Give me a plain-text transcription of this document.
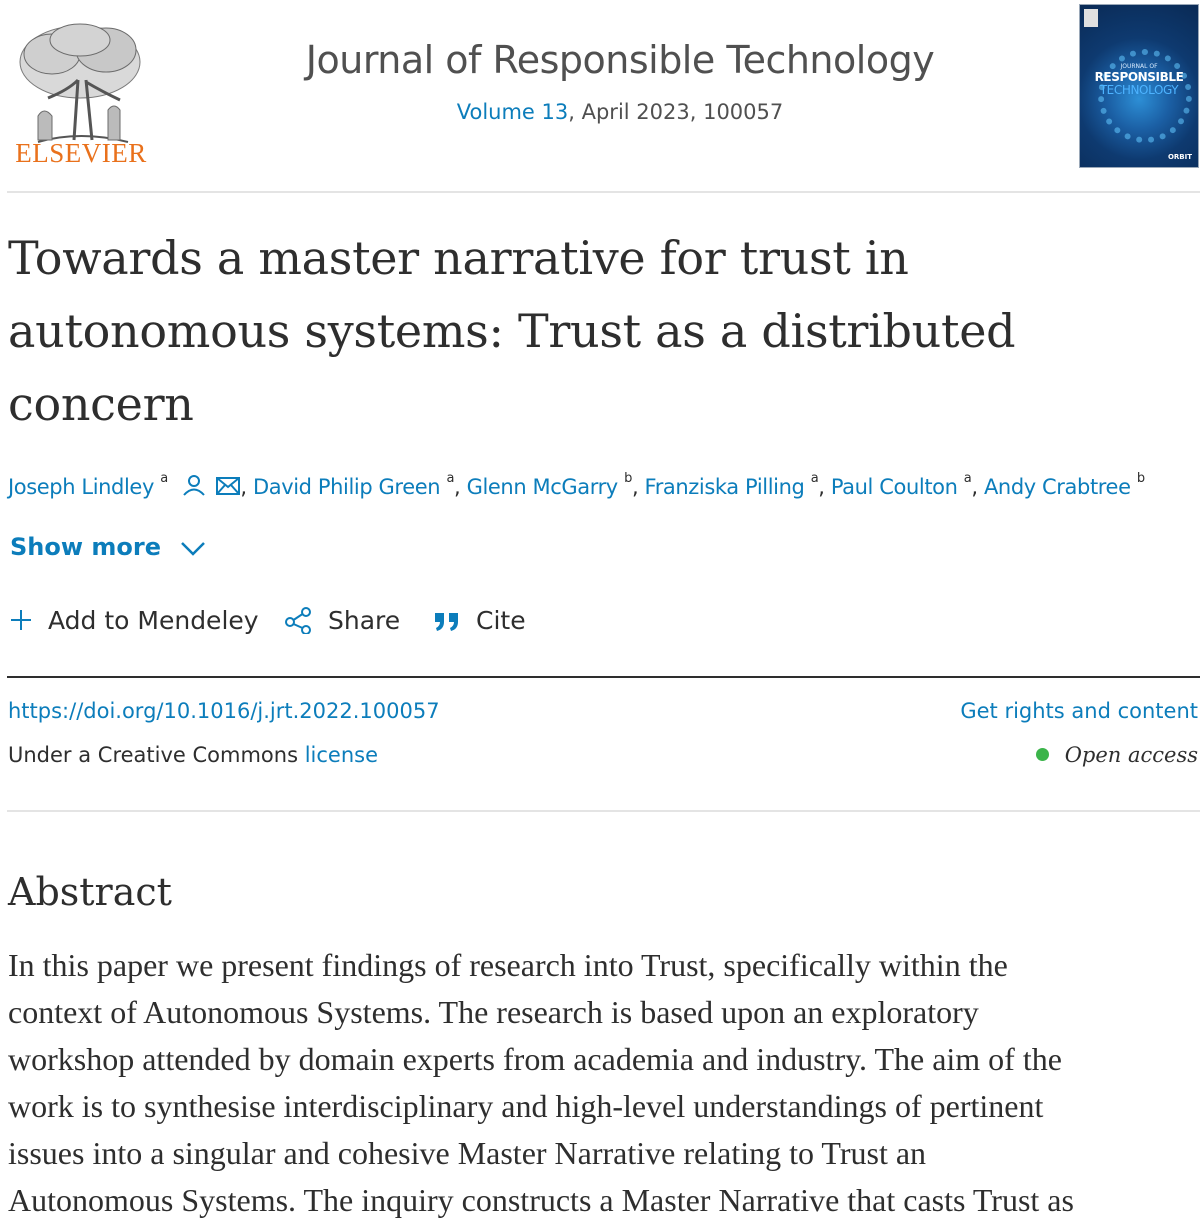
ELSEVIER
Journal of Responsible Technology
Volume 13, April 2023, 100057
JOURNAL OF
RESPONSIBLE
TECHNOLOGY
ORBIT
Towards a master narrative for trust in autonomous systems: Trust as a distributed concern
Joseph Lindley $^a$	, David Philip Green $^a$, Glenn McGarry $^b$, Franziska Pilling $^a$, Paul Coulton $^a$, Andy Crabtree $^b$
Show more
Add to Mendeley	Share	Cite
https://doi.org/10.1016/j.jrt.2022.100057
Under a Creative Commons license
Get rights and content
Open access
Abstract
In this paper we present findings of research into Trust, specifically within the
context of Autonomous Systems. The research is based upon an exploratory
workshop attended by domain experts from academia and industry. The aim of the
work is to synthesise interdisciplinary and high-level understandings of pertinent
issues into a singular and cohesive Master Narrative relating to Trust an
Autonomous Systems. The inquiry constructs a Master Narrative that casts Trust as
